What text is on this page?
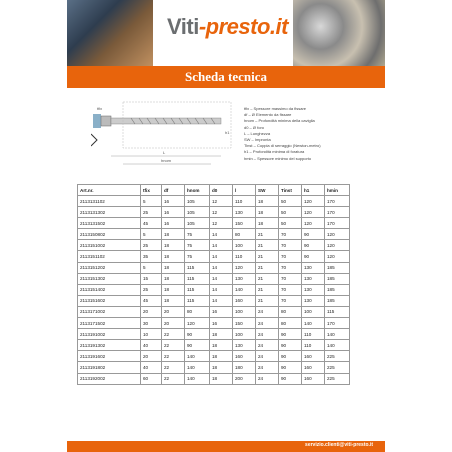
Viti-presto.it
Scheda tecnica
tfix
L
hnom
h1
tfix – Spessore massimo da fissare
df – Ø Elemento da fissare
hnom – Profondità minima della caviglia
d0 – Ø foro
L – Lunghezza
SW – Impronta
Tinst – Coppia di serraggio (Newton-metro)
h1 – Profondità minima di foratura
hmin – Spessore minimo del supporto
Art.nr.	tfix	df	hnom	d0	l	SW	Tinst	h1	hmin
2113131102	5	16	105	12	110	18	50	120	170
2113131302	25	16	105	12	130	18	50	120	170
2113131502	45	16	105	12	150	18	50	120	170
2113150802	5	18	75	14	80	21	70	90	120
2113151002	25	18	75	14	100	21	70	90	120
2113151102	35	18	75	14	110	21	70	90	120
2113151202	5	18	115	14	120	21	70	130	185
2113151302	15	18	115	14	130	21	70	130	185
2113151402	25	18	115	14	140	21	70	130	185
2113151602	45	18	115	14	160	21	70	130	185
2113171002	20	20	80	16	100	24	80	100	115
2113171502	30	20	120	16	150	24	80	140	170
2113191002	10	22	90	18	100	24	90	110	140
2113191302	40	22	90	18	130	24	90	110	140
2113191602	20	22	140	18	160	24	90	160	225
2113191802	40	22	140	18	180	24	90	160	225
2113192002	60	22	140	18	200	24	90	160	225
servizio.clienti@viti-presto.it
